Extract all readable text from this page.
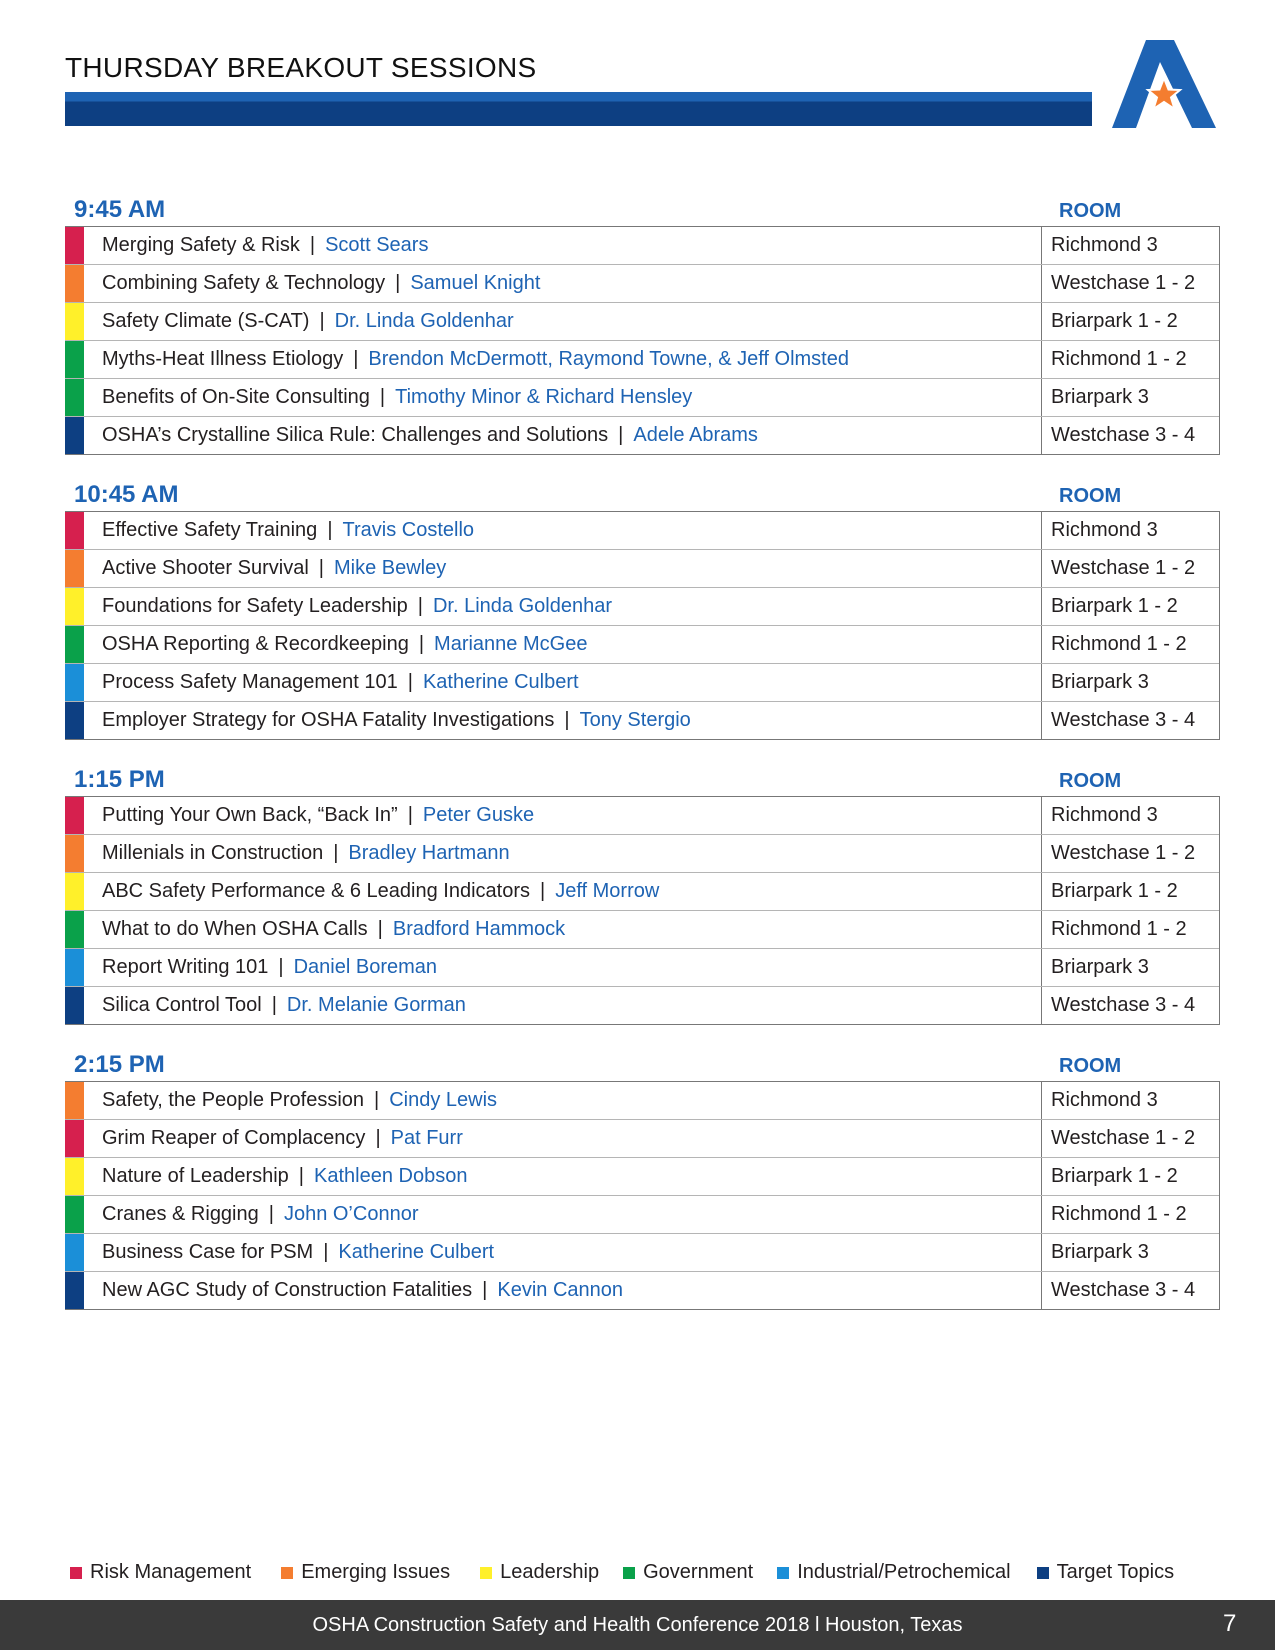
THURSDAY BREAKOUT SESSIONS
9:45 AM	ROOM
Merging Safety & Risk | Scott Sears	Richmond 3
Combining Safety & Technology | Samuel Knight	Westchase 1 - 2
Safety Climate (S-CAT) | Dr. Linda Goldenhar	Briarpark 1 - 2
Myths-Heat Illness Etiology | Brendon McDermott, Raymond Towne, & Jeff Olmsted	Richmond 1 - 2
Benefits of On-Site Consulting | Timothy Minor & Richard Hensley	Briarpark 3
OSHA’s Crystalline Silica Rule: Challenges and Solutions | Adele Abrams	Westchase 3 - 4
10:45 AM	ROOM
Effective Safety Training | Travis Costello	Richmond 3
Active Shooter Survival | Mike Bewley	Westchase 1 - 2
Foundations for Safety Leadership | Dr. Linda Goldenhar	Briarpark 1 - 2
OSHA Reporting & Recordkeeping | Marianne McGee	Richmond 1 - 2
Process Safety Management 101 | Katherine Culbert	Briarpark 3
Employer Strategy for OSHA Fatality Investigations | Tony Stergio	Westchase 3 - 4
1:15 PM	ROOM
Putting Your Own Back, “Back In” | Peter Guske	Richmond 3
Millenials in Construction | Bradley Hartmann	Westchase 1 - 2
ABC Safety Performance & 6 Leading Indicators | Jeff Morrow	Briarpark 1 - 2
What to do When OSHA Calls | Bradford Hammock	Richmond 1 - 2
Report Writing 101 | Daniel Boreman	Briarpark 3
Silica Control Tool | Dr. Melanie Gorman	Westchase 3 - 4
2:15 PM	ROOM
Safety, the People Profession | Cindy Lewis	Richmond 3
Grim Reaper of Complacency | Pat Furr	Westchase 1 - 2
Nature of Leadership | Kathleen Dobson	Briarpark 1 - 2
Cranes & Rigging | John O’Connor	Richmond 1 - 2
Business Case for PSM | Katherine Culbert	Briarpark 3
New AGC Study of Construction Fatalities | Kevin Cannon	Westchase 3 - 4
Risk Management	Emerging Issues	Leadership Government Industrial/Petrochemical Target Topics
OSHA Construction Safety and Health Conference 2018 l Houston, Texas	7
